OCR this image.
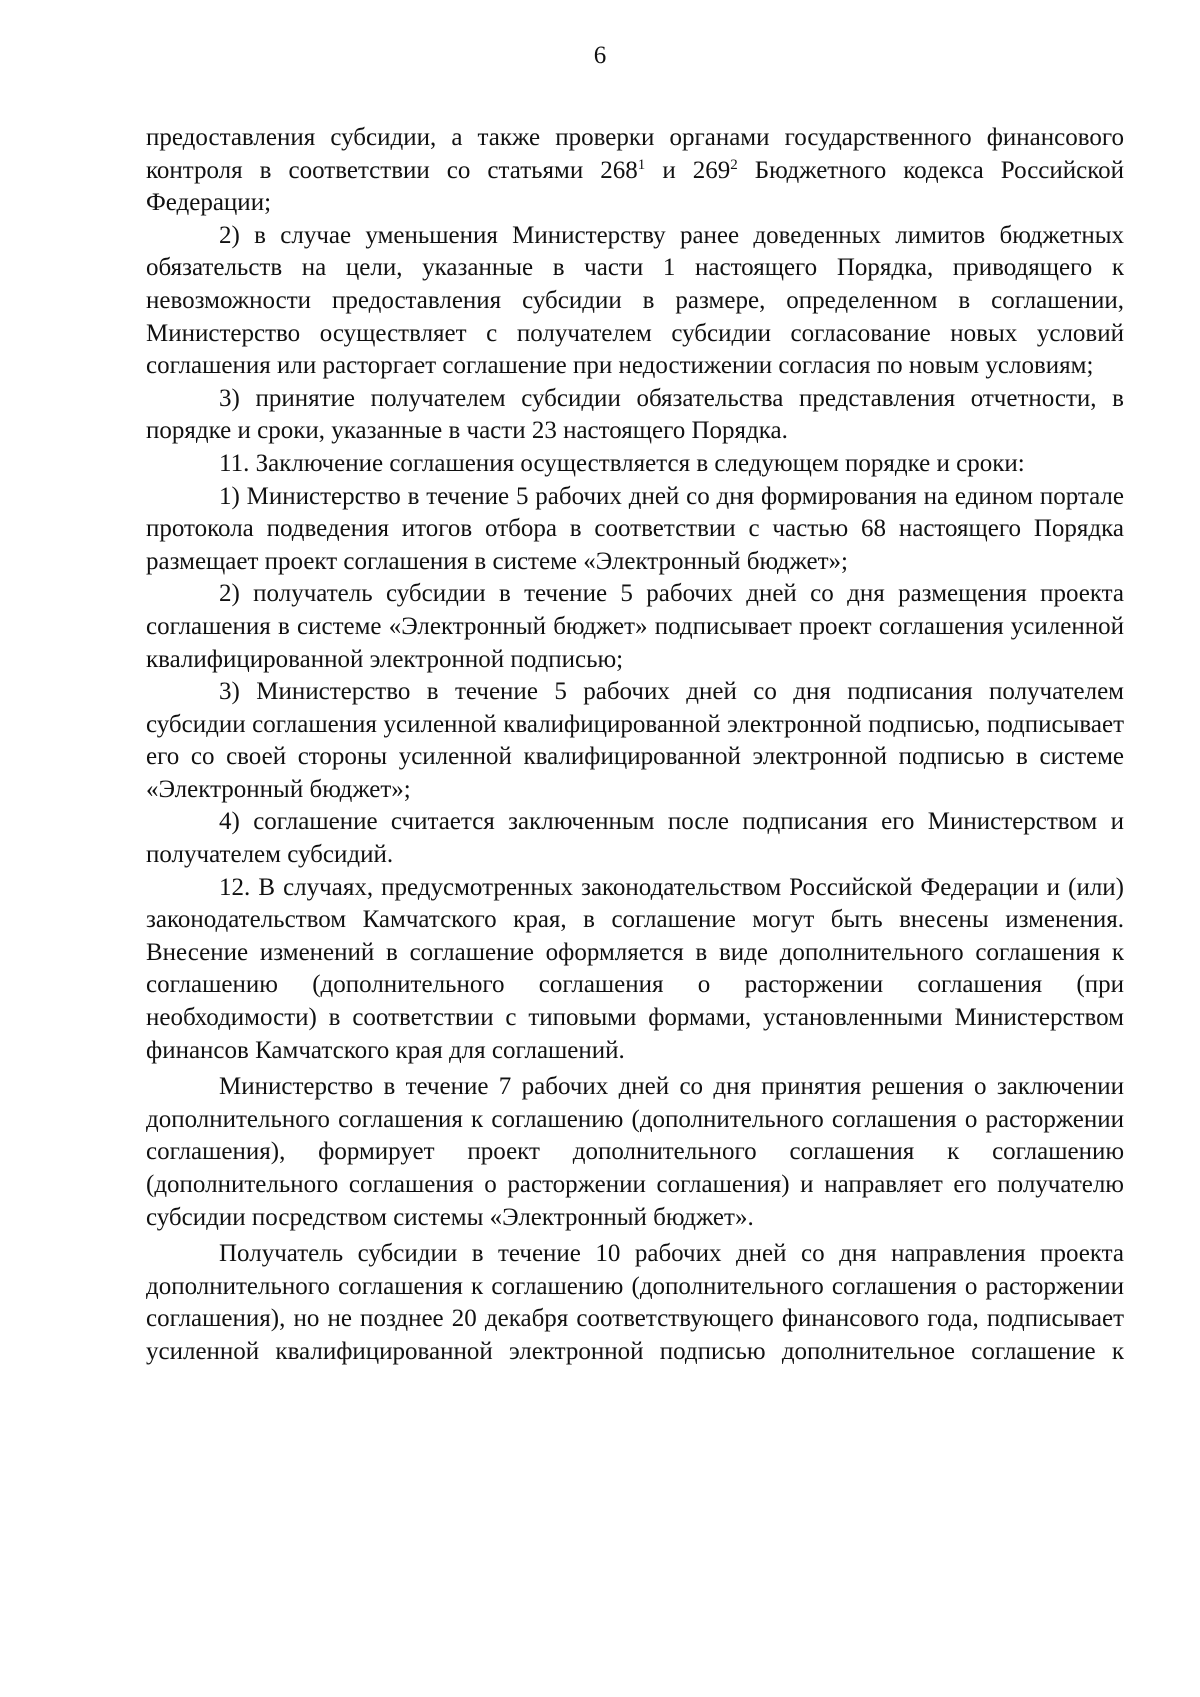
6

предоставления субсидии, а также проверки органами государственного финансового контроля в соответствии со статьями $268^1$ и $269^2$ Бюджетного кодекса Российской Федерации;

2) в случае уменьшения Министерству ранее доведенных лимитов бюджетных обязательств на цели, указанные в части 1 настоящего Порядка, приводящего к невозможности предоставления субсидии в размере, определенном в соглашении, Министерство осуществляет с получателем субсидии согласование новых условий соглашения или расторгает соглашение при недостижении согласия по новым условиям;

3) принятие получателем субсидии обязательства представления отчетности, в порядке и сроки, указанные в части 23 настоящего Порядка.

11. Заключение соглашения осуществляется в следующем порядке и сроки:

1) Министерство в течение 5 рабочих дней со дня формирования на едином портале протокола подведения итогов отбора в соответствии с частью 68 настоящего Порядка размещает проект соглашения в системе «Электронный бюджет»;

2) получатель субсидии в течение 5 рабочих дней со дня размещения проекта соглашения в системе «Электронный бюджет» подписывает проект соглашения усиленной квалифицированной электронной подписью;

3) Министерство в течение 5 рабочих дней со дня подписания получателем субсидии соглашения усиленной квалифицированной электронной подписью, подписывает его со своей стороны усиленной квалифицированной электронной подписью в системе «Электронный бюджет»;

4) соглашение считается заключенным после подписания его Министерством и получателем субсидий.

12. В случаях, предусмотренных законодательством Российской Федерации и (или) законодательством Камчатского края, в соглашение могут быть внесены изменения. Внесение изменений в соглашение оформляется в виде дополнительного соглашения к соглашению (дополнительного соглашения о расторжении соглашения (при необходимости) в соответствии с типовыми формами, установленными Министерством финансов Камчатского края для соглашений.

Министерство в течение 7 рабочих дней со дня принятия решения о заключении дополнительного соглашения к соглашению (дополнительного соглашения о расторжении соглашения), формирует проект дополнительного соглашения к соглашению (дополнительного соглашения о расторжении соглашения) и направляет его получателю субсидии посредством системы «Электронный бюджет».

Получатель субсидии в течение 10 рабочих дней со дня направления проекта дополнительного соглашения к соглашению (дополнительного соглашения о расторжении соглашения), но не позднее 20 декабря соответствующего финансового года, подписывает усиленной квалифицированной электронной подписью дополнительное соглашение к
